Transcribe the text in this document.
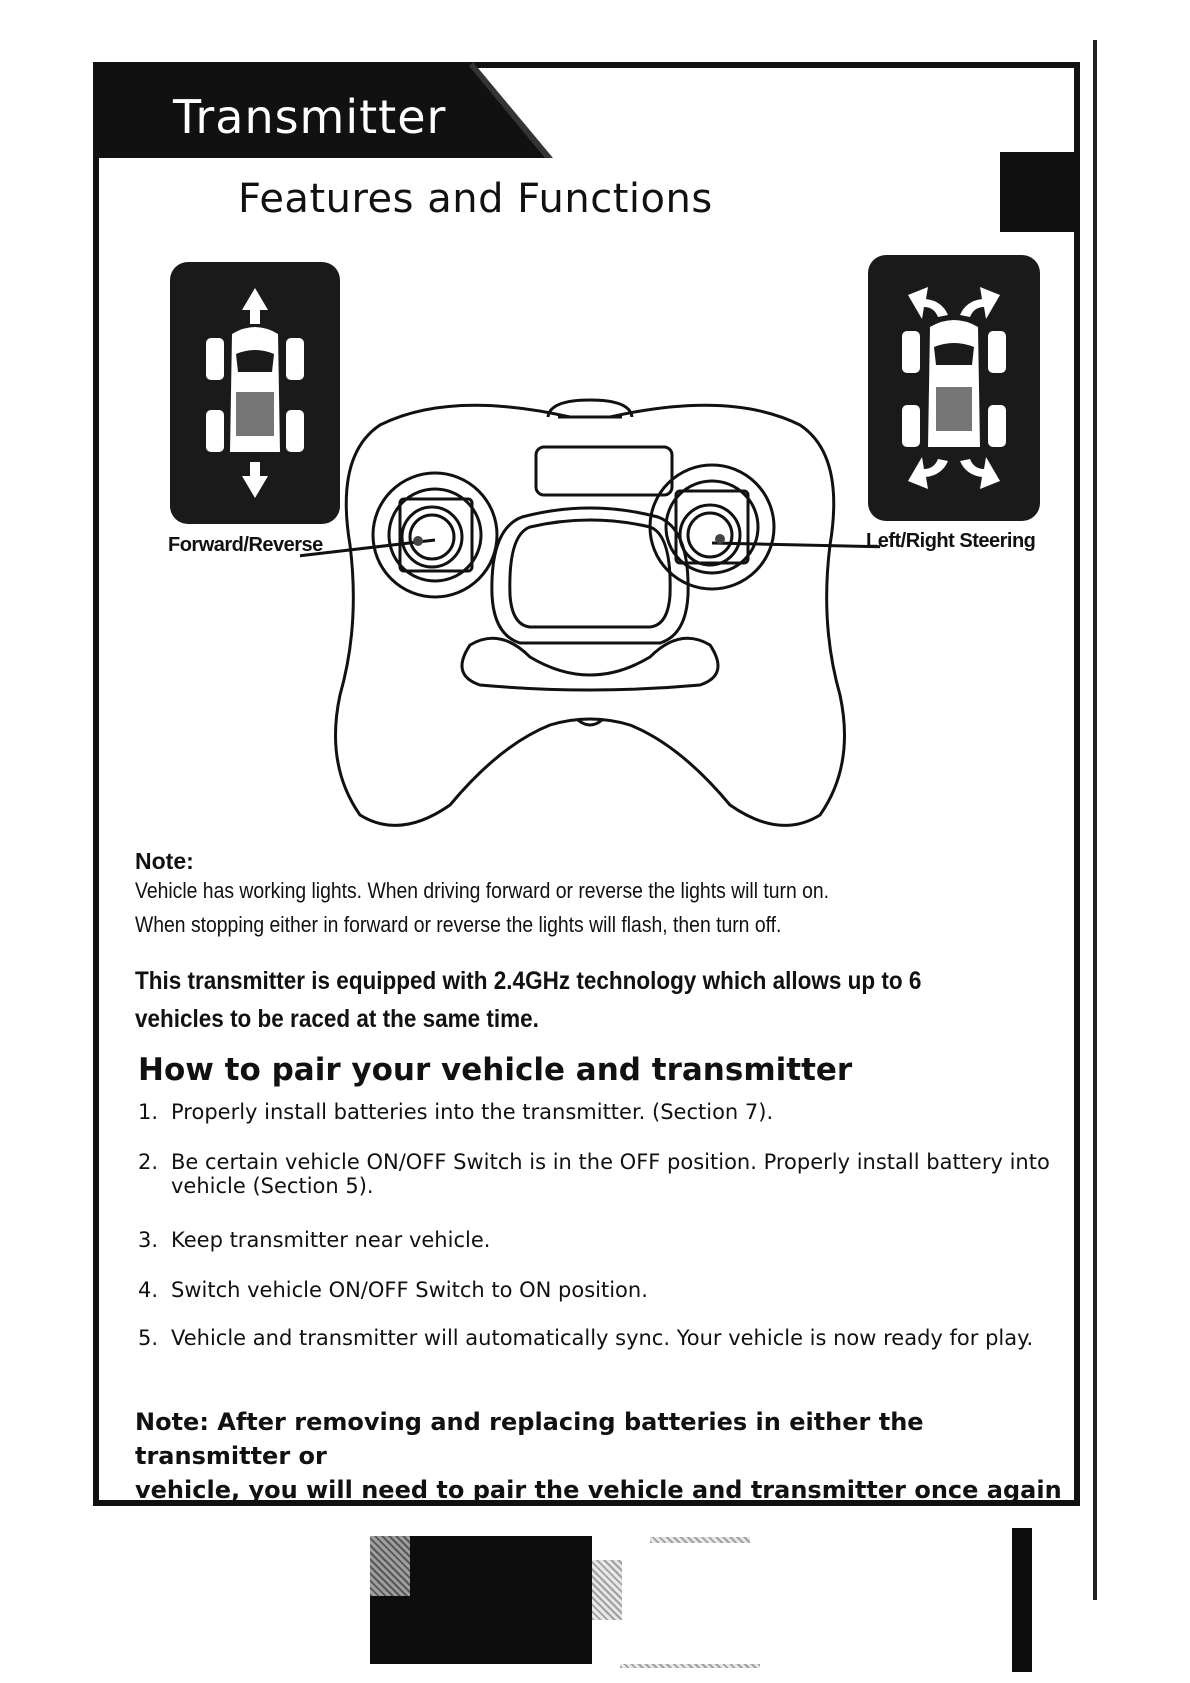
Transmitter
Features and Functions
Forward/Reverse	Left/Right Steering
Note:
Vehicle has working lights. When driving forward or reverse the lights will turn on.
When stopping either in forward or reverse the lights will flash, then turn off.
This transmitter is equipped with 2.4GHz technology which allows up to 6
vehicles to be raced at the same time.
How to pair your vehicle and transmitter
1. Properly install batteries into the transmitter. (Section 7).
2. Be certain vehicle ON/OFF Switch is in the OFF position. Properly install battery into vehicle (Section 5).
3. Keep transmitter near vehicle.
4. Switch vehicle ON/OFF Switch to ON position.
5. Vehicle and transmitter will automatically sync. Your vehicle is now ready for play.
Note: After removing and replacing batteries in either the transmitter or
vehicle, you will need to pair the vehicle and transmitter once again
